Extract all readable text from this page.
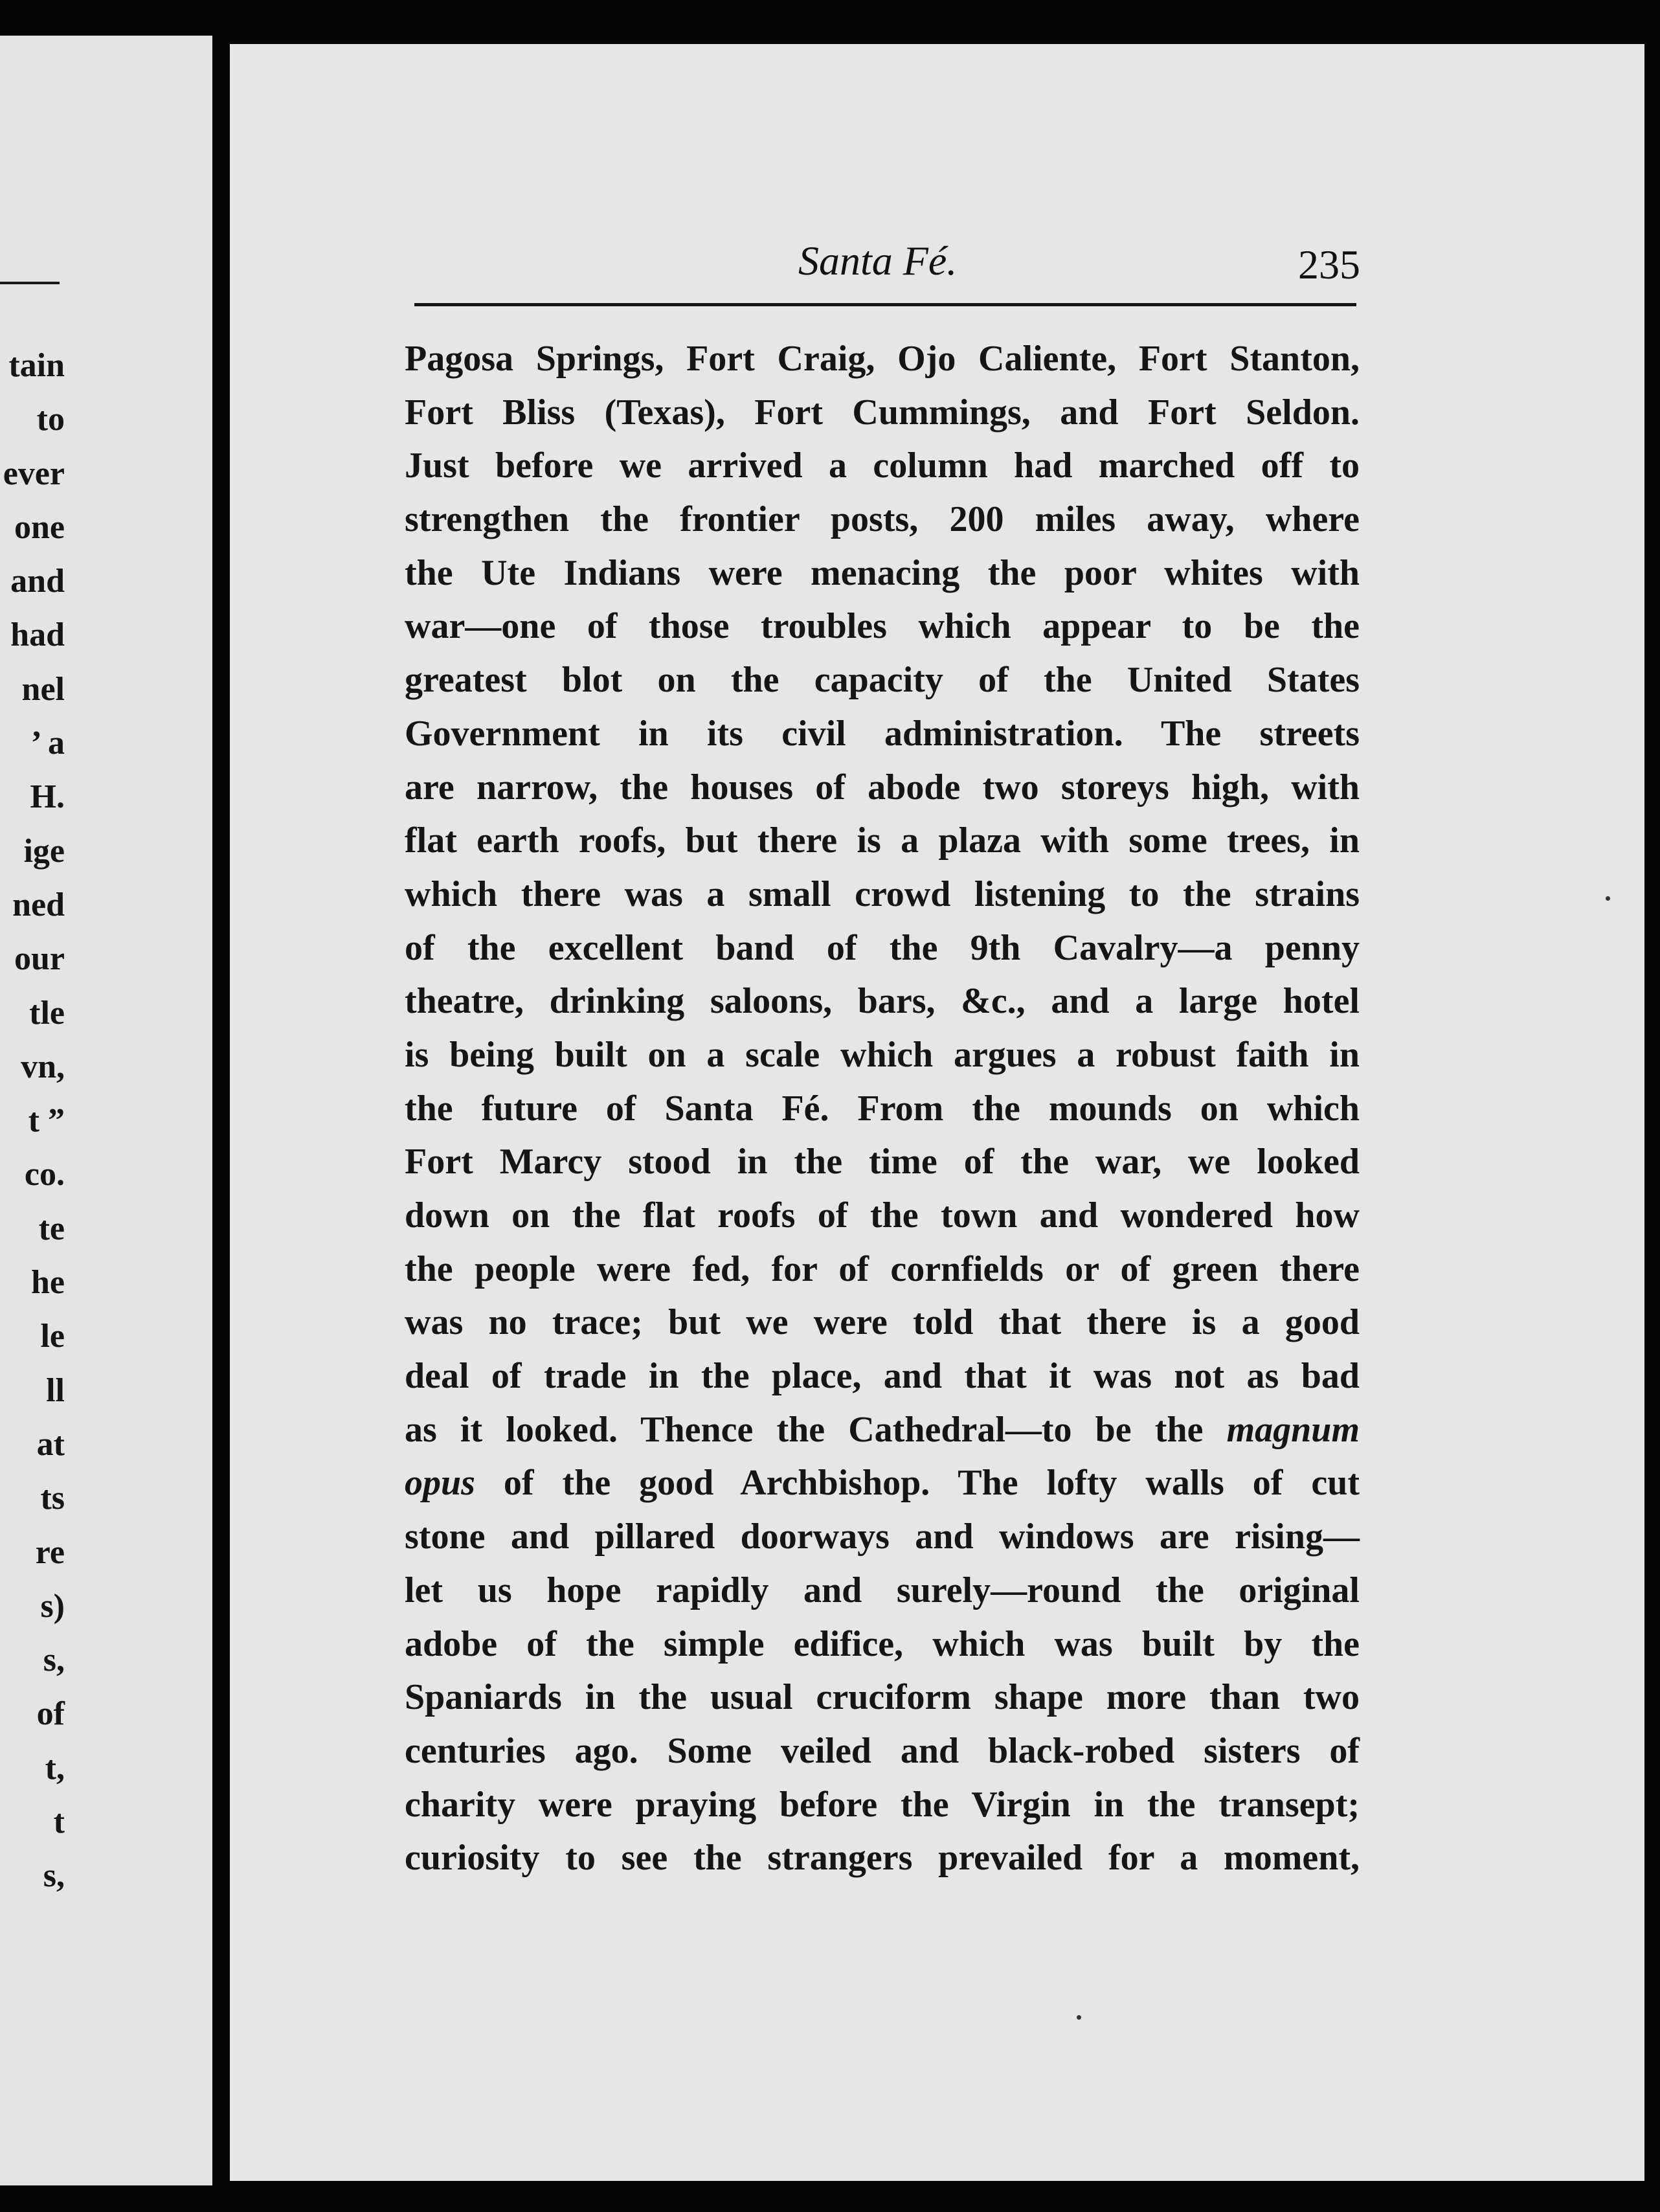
tain
to
ever
one
and
had
nel
’ a
H.
ige
ned
our
tle
vn,
t ”
co.
te
he
le
ll
at
ts
re
s)
s,
of
t,
t
s,
Santa Fé.	235
Pagosa Springs, Fort Craig, Ojo Caliente, Fort Stanton,
Fort Bliss (Texas), Fort Cummings, and Fort Seldon.
Just before we arrived a column had marched off to
strengthen the frontier posts, 200 miles away, where
the Ute Indians were menacing the poor whites with
war—one of those troubles which appear to be the
greatest blot on the capacity of the United States
Government in its civil administration. The streets
are narrow, the houses of abode two storeys high, with
flat earth roofs, but there is a plaza with some trees, in
which there was a small crowd listening to the strains
of the excellent band of the 9th Cavalry—a penny
theatre, drinking saloons, bars, &c., and a large hotel
is being built on a scale which argues a robust faith in
the future of Santa Fé. From the mounds on which
Fort Marcy stood in the time of the war, we looked
down on the flat roofs of the town and wondered how
the people were fed, for of cornfields or of green there
was no trace; but we were told that there is a good
deal of trade in the place, and that it was not as bad
as it looked. Thence the Cathedral—to be the magnum
opus of the good Archbishop. The lofty walls of cut
stone and pillared doorways and windows are rising—
let us hope rapidly and surely—round the original
adobe of the simple edifice, which was built by the
Spaniards in the usual cruciform shape more than two
centuries ago. Some veiled and black-robed sisters of
charity were praying before the Virgin in the transept;
curiosity to see the strangers prevailed for a moment,
